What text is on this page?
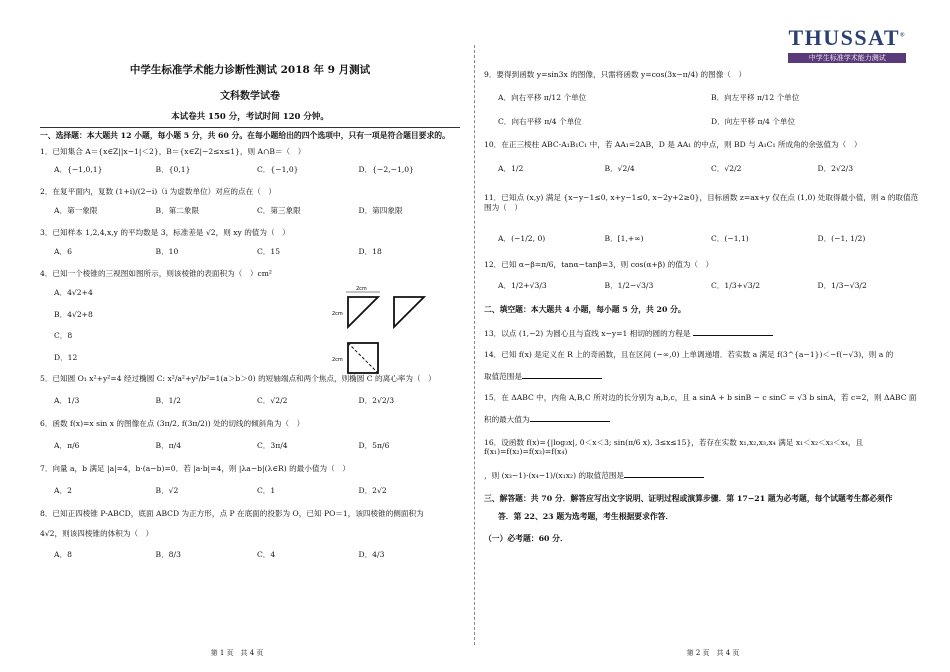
THUSSAT®
中学生标准学术能力测试
中学生标准学术能力诊断性测试 2018 年 9 月测试
文科数学试卷
本试卷共 150 分，考试时间 120 分钟。
一、选择题：本大题共 12 小题，每小题 5 分，共 60 分。在每小题给出的四个选项中，只有一项是符合题目要求的。
1．已知集合 A＝{x∈Z||x−1|＜2}，B＝{x∈Z|−2≤x≤1}，则 A∩B＝（　）
A．{−1,0,1}	B．{0,1}	C．{−1,0}	D．{−2,−1,0}
2．在复平面内，复数 (1+i)/(2−i)（i 为虚数单位）对应的点在（　）
A．第一象限	B．第二象限	C．第三象限	D．第四象限
3．已知样本 1,2,4,x,y 的平均数是 3，标准差是 √2，则 xy 的值为（　）
A．6	B．10	C．15	D．18
4．已知一个棱锥的三视图如图所示，则该棱锥的表面积为（　）cm²
A．4√2+4
B．4√2+8
C．8
D．12
5．已知圆 O₁ x²+y²=4 经过椭圆 C: x²/a²+y²/b²=1(a＞b＞0) 的短轴端点和两个焦点，则椭圆 C 的离心率为（　）
A．1/3	B．1/2	C．√2/2	D．2√2/3
6．函数 f(x)=x sin x 的图像在点 (3π/2, f(3π/2)) 处的切线的倾斜角为（　）
A．π/6	B．π/4	C．3π/4	D．5π/6
7．向量 a，b 满足 |a|=4，b·(a−b)=0．若 |a·b|=4，则 |λa−b|(λ∈R) 的最小值为（　）
A．2	B．√2	C．1	D．2√2
8．已知正四棱锥 P-ABCD，底面 ABCD 为正方形，点 P 在底面的投影为 O，已知 PO＝1，该四棱锥的侧面积为
4√2，则该四棱锥的体积为（　）
A．8	B．8/3	C．4	D．4/3
第 1 页　共 4 页
2cm
2cm
2cm
9．要得到函数 y=sin3x 的图像，只需将函数 y=cos(3x−π/4) 的图像（　）
A．向右平移 π/12 个单位	B．向左平移 π/12 个单位
C．向右平移 π/4 个单位	D．向左平移 π/4 个单位
10．在正三棱柱 ABC-A₁B₁C₁ 中，若 AA₁=2AB，D 是 AA₁ 的中点，则 BD 与 A₁C₁ 所成角的余弦值为（　）
A．1/2	B．√2/4	C．√2/2	D．2√2/3
11．已知点 (x,y) 满足 {x−y−1≤0, x+y−1≤0, x−2y+2≥0}，目标函数 z=ax+y 仅在点 (1,0) 处取得最小值，则 a 的取值范围为（　）
A．(−1/2, 0)	B．[1,+∞)	C．(−1,1)	D．(−1, 1/2)
12．已知 α−β=π/6，tanα−tanβ=3，则 cos(α+β) 的值为（　）
A．1/2+√3/3	B．1/2−√3/3	C．1/3+√3/2	D．1/3−√3/2
二、填空题：本大题共 4 小题，每小题 5 分，共 20 分。
13．以点 (1,−2) 为圆心且与直线 x−y=1 相切的圆的方程是
14．已知 f(x) 是定义在 R 上的奇函数，且在区间 (−∞,0) 上单调递增．若实数 a 满足 f(3^{a−1})＜−f(−√3)，则 a 的
取值范围是
15．在 ΔABC 中，内角 A,B,C 所对边的长分别为 a,b,c，且 a sinA + b sinB − c sinC = √3 b sinA，若 c=2，则 ΔABC 面
积的最大值为
16．设函数 f(x)={|log₃x|, 0＜x＜3; sin(π/6 x), 3≤x≤15}，若存在实数 x₁,x₂,x₃,x₄ 满足 x₁＜x₂＜x₃＜x₄，且 f(x₁)=f(x₂)=f(x₃)=f(x₄)
，则 (x₃−1)·(x₄−1)/(x₁x₂) 的取值范围是
三、解答题：共 70 分．解答应写出文字说明、证明过程或演算步骤．第 17−21 题为必考题，每个试题考生都必须作
答．第 22、23 题为选考题，考生根据要求作答．
（一）必考题：60 分．
第 2 页　共 4 页
